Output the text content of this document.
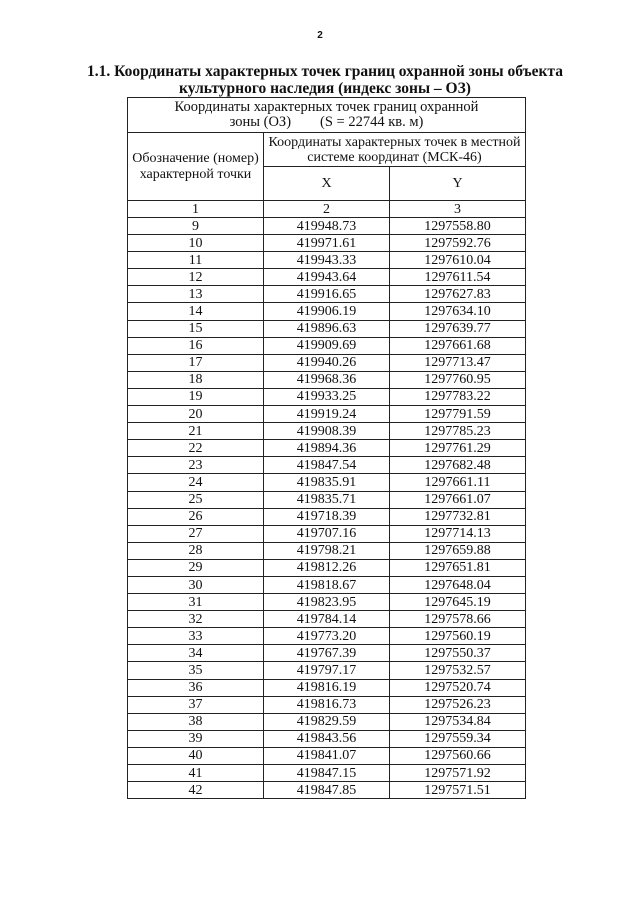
2
1.1. Координаты характерных точек границ охранной зоны объекта культурного наследия (индекс зоны – ОЗ)
Координаты характерных точек границ охранной
зоны (ОЗ)        (S = 22744 кв. м)		

Обозначение (номер) характерной точки	Координаты характерных точек в местной системе координат (МСК-46)	
	X	Y
1	2	3
9	419948.73	1297558.80
10	419971.61	1297592.76
11	419943.33	1297610.04
12	419943.64	1297611.54
13	419916.65	1297627.83
14	419906.19	1297634.10
15	419896.63	1297639.77
16	419909.69	1297661.68
17	419940.26	1297713.47
18	419968.36	1297760.95
19	419933.25	1297783.22
20	419919.24	1297791.59
21	419908.39	1297785.23
22	419894.36	1297761.29
23	419847.54	1297682.48
24	419835.91	1297661.11
25	419835.71	1297661.07
26	419718.39	1297732.81
27	419707.16	1297714.13
28	419798.21	1297659.88
29	419812.26	1297651.81
30	419818.67	1297648.04
31	419823.95	1297645.19
32	419784.14	1297578.66
33	419773.20	1297560.19
34	419767.39	1297550.37
35	419797.17	1297532.57
36	419816.19	1297520.74
37	419816.73	1297526.23
38	419829.59	1297534.84
39	419843.56	1297559.34
40	419841.07	1297560.66
41	419847.15	1297571.92
42	419847.85	1297571.51
